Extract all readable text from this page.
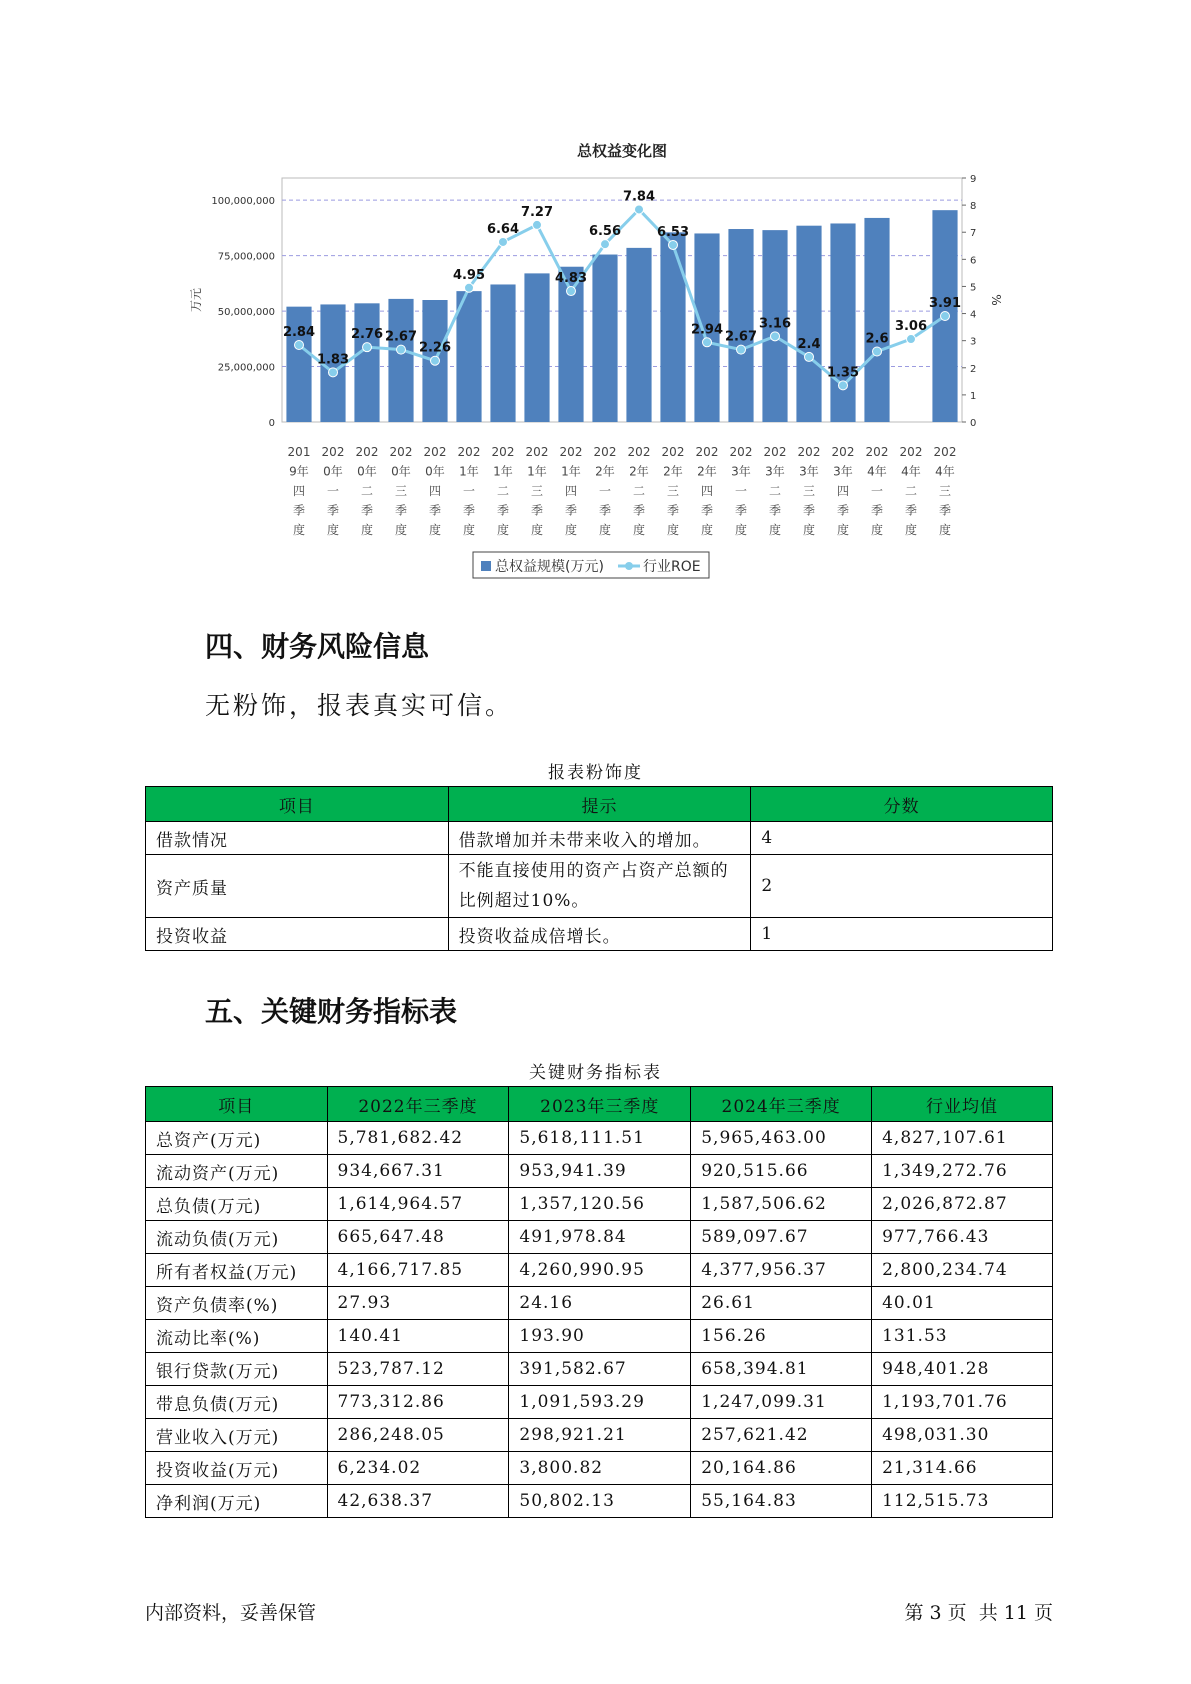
总权益变化图
0
25,000,000
50,000,000
75,000,000
100,000,000
0
1
2
3
4
5
6
7
8
9
万元	%
2.84
1.83
2.76 2.67
2.26
4.95
6.64
7.27
4.83
6.56
7.84
6.53
2.94 2.67
3.16
2.4
1.35
2.6
3.06
3.91
201
9年
四
季
度
202
0年
一
季
度
202
0年
二
季
度
202
0年
三
季
度
202
0年
四
季
度
202
1年
一
季
度
202
1年
二
季
度
202
1年
三
季
度
202
1年
四
季
度
202
2年
一
季
度
202
2年
二
季
度
202
2年
三
季
度
202
2年
四
季
度
202
3年
一
季
度
202
3年
二
季
度
202
3年
三
季
度
202
3年
四
季
度
202
4年
一
季
度
202
4年
二
季
度
202
4年
三
季
度
总权益规模(万元)	行业ROE
四、财务风险信息

无粉饰，报表真实可信。

报表粉饰度
项目	提示	分数
借款情况	借款增加并未带来收入的增加。	4
资产质量	不能直接使用的资产占资产总额的比例超过10%。	2
投资收益	投资收益成倍增长。	1
五、关键财务指标表
关键财务指标表
项目	2022年三季度	2023年三季度	2024年三季度	行业均值
总资产(万元)	5,781,682.42	5,618,111.51	5,965,463.00	4,827,107.61
流动资产(万元)	934,667.31	953,941.39	920,515.66	1,349,272.76
总负债(万元)	1,614,964.57	1,357,120.56	1,587,506.62	2,026,872.87
流动负债(万元)	665,647.48	491,978.84	589,097.67	977,766.43
所有者权益(万元)	4,166,717.85	4,260,990.95	4,377,956.37	2,800,234.74
资产负债率(%)	27.93	24.16	26.61	40.01
流动比率(%)	140.41	193.90	156.26	131.53
银行贷款(万元)	523,787.12	391,582.67	658,394.81	948,401.28
带息负债(万元)	773,312.86	1,091,593.29	1,247,099.31	1,193,701.76
营业收入(万元)	286,248.05	298,921.21	257,621.42	498,031.30
投资收益(万元)	6,234.02	3,800.82	20,164.86	21,314.66
净利润(万元)	42,638.37	50,802.13	55,164.83	112,515.73
内部资料，妥善保管	第 3 页  共 11 页
